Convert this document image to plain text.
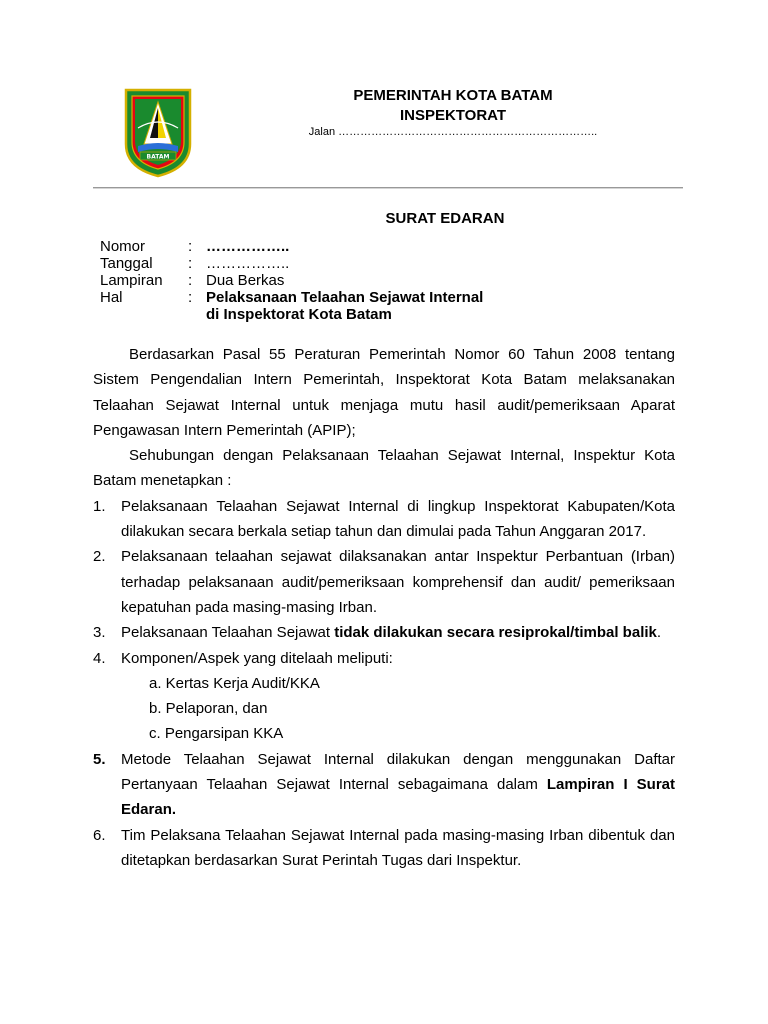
BATAM
PEMERINTAH KOTA BATAM
INSPEKTORAT
Jalan ……………………………………………………………..
SURAT EDARAN
Nomor	: ……………..
Tanggal	: ……………..
Lampiran	: Dua Berkas
Hal	: Pelaksanaan Telaahan Sejawat Internal
di Inspektorat Kota Batam

Berdasarkan Pasal 55 Peraturan Pemerintah Nomor 60 Tahun 2008 tentang Sistem Pengendalian Intern Pemerintah, Inspektorat Kota Batam melaksanakan Telaahan Sejawat Internal untuk menjaga mutu hasil audit/pemeriksaan Aparat Pengawasan Intern Pemerintah (APIP);

Sehubungan dengan Pelaksanaan Telaahan Sejawat Internal, Inspektur Kota Batam menetapkan :

1.	Pelaksanaan Telaahan Sejawat Internal di lingkup Inspektorat Kabupaten/Kota dilakukan secara berkala setiap tahun dan dimulai pada Tahun Anggaran 2017.
2.	Pelaksanaan telaahan sejawat dilaksanakan antar Inspektur Perbantuan (Irban) terhadap pelaksanaan audit/pemeriksaan komprehensif dan audit/ pemeriksaan kepatuhan pada masing-masing Irban.
3.	Pelaksanaan Telaahan Sejawat tidak dilakukan secara resiprokal/timbal balik.
4.	Komponen/Aspek yang ditelaah meliputi:
a. Kertas Kerja Audit/KKA
b. Pelaporan, dan
c. Pengarsipan KKA
5.	Metode Telaahan Sejawat Internal dilakukan dengan menggunakan Daftar Pertanyaan Telaahan Sejawat Internal sebagaimana dalam Lampiran I Surat Edaran.
6.	Tim Pelaksana Telaahan Sejawat Internal pada masing-masing Irban dibentuk dan ditetapkan berdasarkan Surat Perintah Tugas dari Inspektur.
